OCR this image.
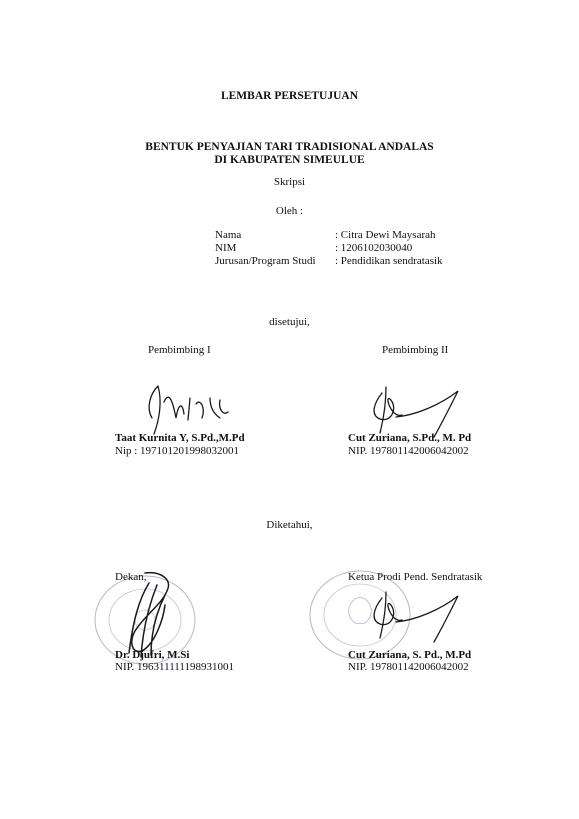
LEMBAR PERSETUJUAN
BENTUK PENYAJIAN TARI TRADISIONAL ANDALAS
DI KABUPATEN SIMEULUE
Skripsi
Oleh :
Nama	: Citra Dewi Maysarah
NIM	: 1206102030040
Jurusan/Program Studi : Pendidikan sendratasik
disetujui,
Pembimbing I	Pembimbing II
Taat Kurnita Y, S.Pd.,M.Pd
Nip : 197101201998032001
Cut Zuriana, S.Pd., M. Pd
NIP. 197801142006042002
Diketahui,
Dekan,	Ketua Prodi Pend. Sendratasik
Dr. Djufri, M.Si
NIP. 196311111198931001
Cut Zuriana, S. Pd., M.Pd
NIP. 197801142006042002
